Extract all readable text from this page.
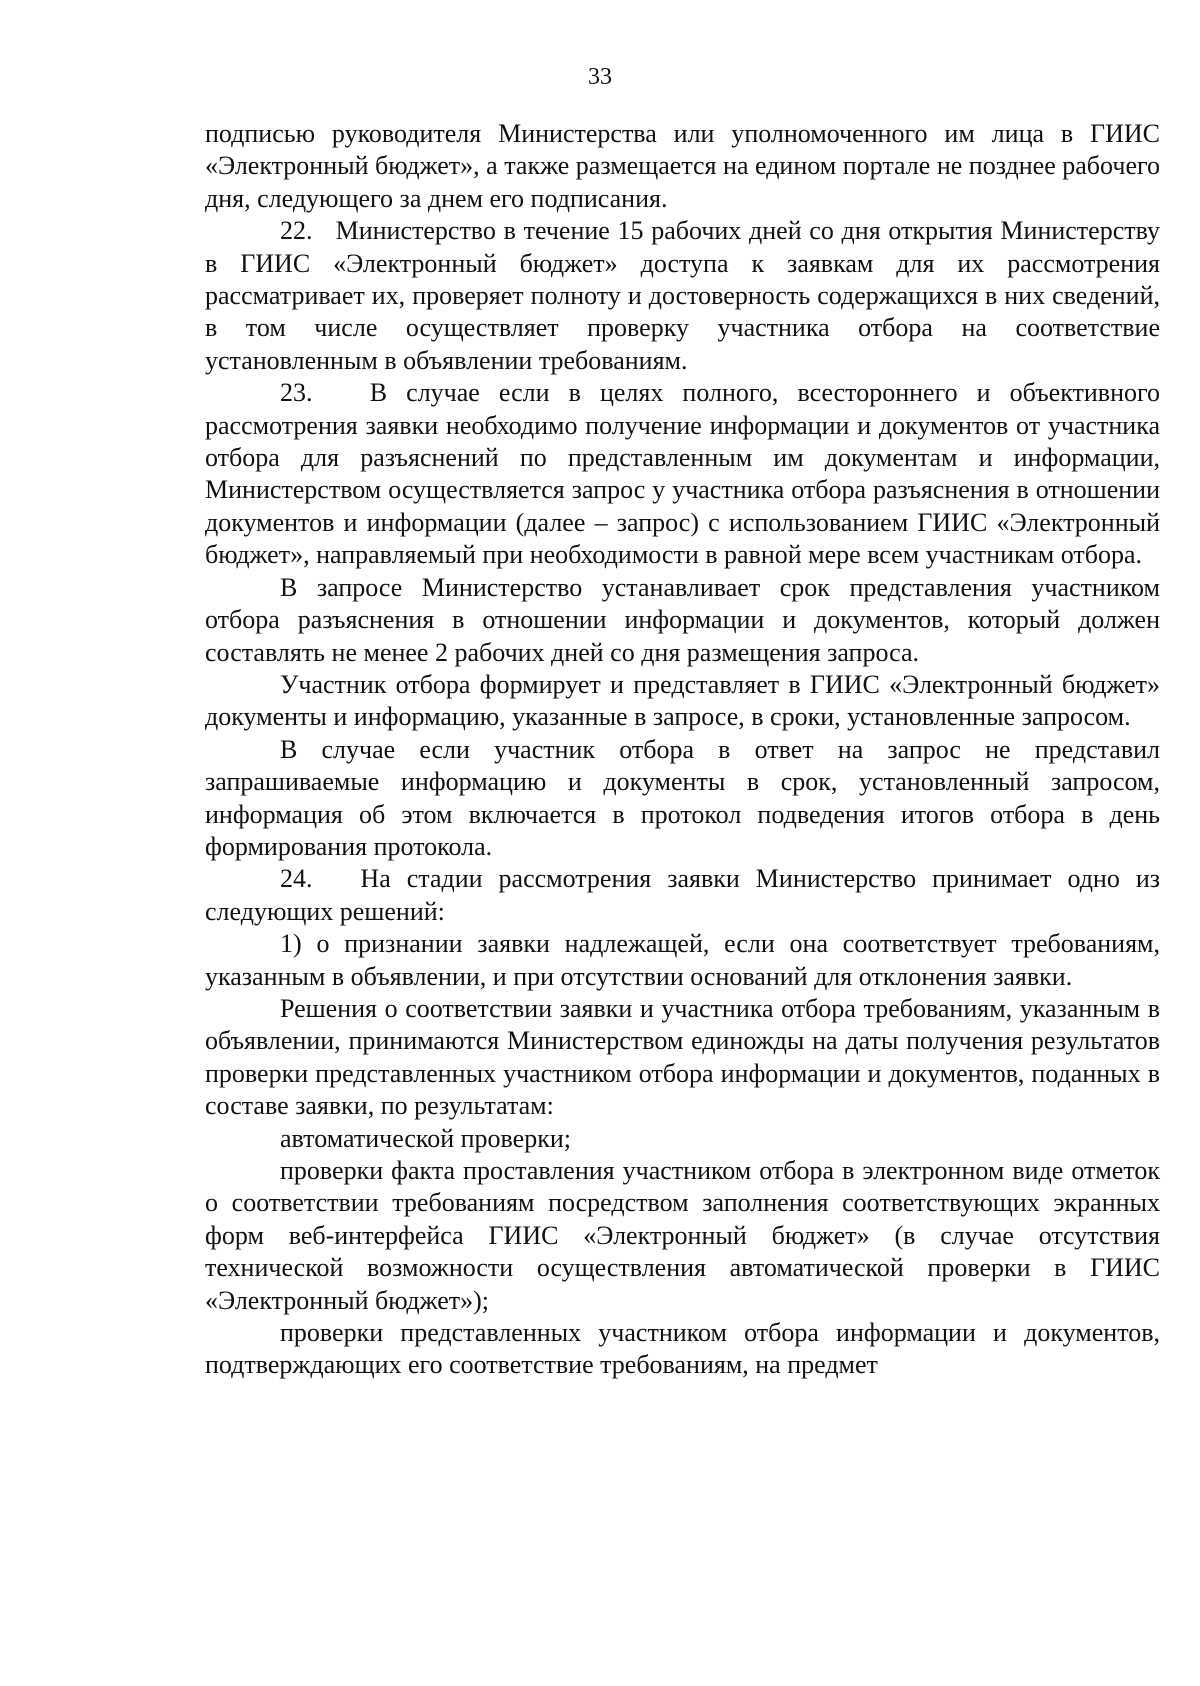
33

подписью руководителя Министерства или уполномоченного им лица в ГИИС «Электронный бюджет», а также размещается на едином портале не позднее рабочего дня, следующего за днем его подписания.

22.   Министерство в течение 15 рабочих дней со дня открытия Министерству в ГИИС «Электронный бюджет» доступа к заявкам для их рассмотрения рассматривает их, проверяет полноту и достоверность содержащихся в них сведений, в том числе осуществляет проверку участника отбора на соответствие установленным в объявлении требованиям.

23.   В случае если в целях полного, всестороннего и объективного рассмотрения заявки необходимо получение информации и документов от участника отбора для разъяснений по представленным им документам и информации, Министерством осуществляется запрос у участника отбора разъяснения в отношении документов и информации (далее – запрос) с использованием ГИИС «Электронный бюджет», направляемый при необходимости в равной мере всем участникам отбора.

В запросе Министерство устанавливает срок представления участником отбора разъяснения в отношении информации и документов, который должен составлять не менее 2 рабочих дней со дня размещения запроса.

Участник отбора формирует и представляет в ГИИС «Электронный бюджет» документы и информацию, указанные в запросе, в сроки, установленные запросом.

В случае если участник отбора в ответ на запрос не представил запрашиваемые информацию и документы в срок, установленный запросом, информация об этом включается в протокол подведения итогов отбора в день формирования протокола.

24.   На стадии рассмотрения заявки Министерство принимает одно из следующих решений:

1) о признании заявки надлежащей, если она соответствует требованиям, указанным в объявлении, и при отсутствии оснований для отклонения заявки.

Решения о соответствии заявки и участника отбора требованиям, указанным в объявлении, принимаются Министерством единожды на даты получения результатов проверки представленных участником отбора информации и документов, поданных в составе заявки, по результатам:

автоматической проверки;

проверки факта проставления участником отбора в электронном виде отметок о соответствии требованиям посредством заполнения соответствующих экранных форм веб-интерфейса ГИИС «Электронный бюджет» (в случае отсутствия технической возможности осуществления автоматической проверки в ГИИС «Электронный бюджет»);

проверки представленных участником отбора информации и документов, подтверждающих его соответствие требованиям, на предмет
